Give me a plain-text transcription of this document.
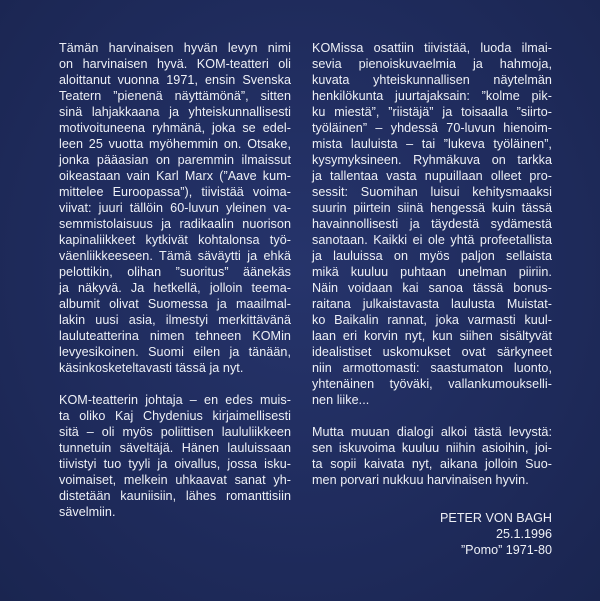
Tämän harvinaisen hyvän levyn nimi
on harvinaisen hyvä. KOM-teatteri oli
aloittanut vuonna 1971, ensin Svenska
Teatern ”pienenä näyttämönä”, sitten
sinä lahjakkaana ja yhteiskunnallisesti
motivoituneena ryhmänä, joka se edel-
leen 25 vuotta myöhemmin on. Otsake,
jonka pääasian on paremmin ilmaissut
oikeastaan vain Karl Marx (”Aave kum-
mittelee Euroopassa”), tiivistää voima-
viivat: juuri tällöin 60-luvun yleinen va-
semmistolaisuus ja radikaalin nuorison
kapinaliikkeet kytkivät kohtalonsa työ-
väenliikkeeseen. Tämä säväytti ja ehkä
pelottikin, olihan ”suoritus” äänekäs
ja näkyvä. Ja hetkellä, jolloin teema-
albumit olivat Suomessa ja maailmal-
lakin uusi asia, ilmestyi merkittävänä
lauluteatterina nimen tehneen KOMin
levyesikoinen. Suomi eilen ja tänään,
käsinkosketeltavasti tässä ja nyt.
KOM-teatterin johtaja – en edes muis-
ta oliko Kaj Chydenius kirjaimellisesti
sitä – oli myös poliittisen laululiikkeen
tunnetuin säveltäjä. Hänen lauluissaan
tiivistyi tuo tyyli ja oivallus, jossa isku-
voimaiset, melkein uhkaavat sanat yh-
distetään kauniisiin, lähes romanttisiin
sävelmiin.
KOMissa osattiin tiivistää, luoda ilmai-
sevia pienoiskuvaelmia ja hahmoja,
kuvata yhteiskunnallisen näytelmän
henkilökunta juurtajaksain: ”kolme pik-
ku miestä”, ”riistäjä” ja toisaalla ”siirto-
työläinen” – yhdessä 70-luvun hienoim-
mista lauluista – tai ”lukeva työläinen”,
kysymyksineen. Ryhmäkuva on tarkka
ja tallentaa vasta nupuillaan olleet pro-
sessit: Suomihan luisui kehitysmaaksi
suurin piirtein siinä hengessä kuin tässä
havainnollisesti ja täydestä sydämestä
sanotaan. Kaikki ei ole yhtä profeetallista
ja lauluissa on myös paljon sellaista
mikä kuuluu puhtaan unelman piiriin.
Näin voidaan kai sanoa tässä bonus-
raitana julkaistavasta laulusta Muistat-
ko Baikalin rannat, joka varmasti kuul-
laan eri korvin nyt, kun siihen sisältyvät
idealistiset uskomukset ovat särkyneet
niin armottomasti: saastumaton luonto,
yhtenäinen työväki, vallankumoukselli-
nen liike...
Mutta muuan dialogi alkoi tästä levystä:
sen iskuvoima kuuluu niihin asioihin, joi-
ta sopii kaivata nyt, aikana jolloin Suo-
men porvari nukkuu harvinaisen hyvin.
PETER VON BAGH
25.1.1996
”Pomo” 1971-80
